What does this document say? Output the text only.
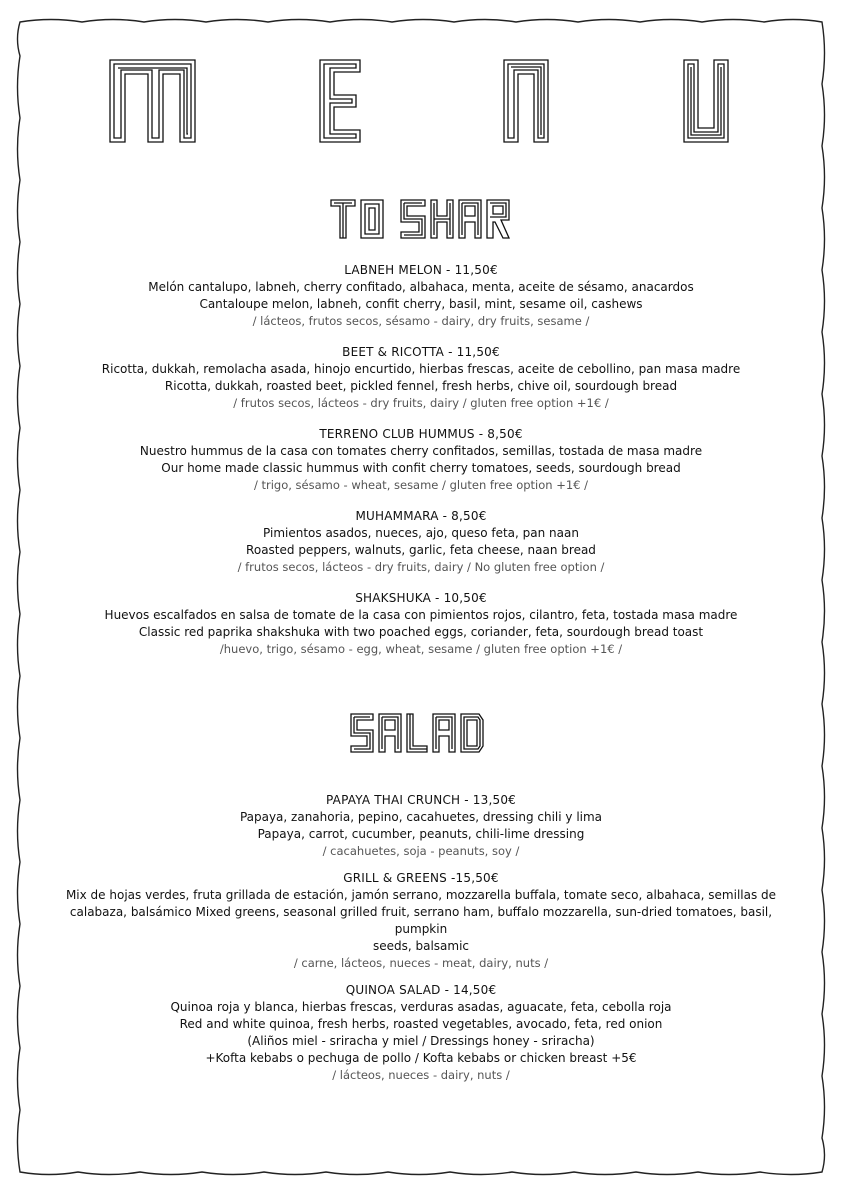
LABNEH MELON - 11,50€
Melón cantalupo, labneh, cherry confitado, albahaca, menta, aceite de sésamo, anacardos
Cantaloupe melon, labneh, confit cherry, basil, mint, sesame oil, cashews
/ lácteos, frutos secos, sésamo - dairy, dry fruits, sesame /
BEET & RICOTTA - 11,50€
Ricotta, dukkah, remolacha asada, hinojo encurtido, hierbas frescas, aceite de cebollino, pan masa madre
Ricotta, dukkah, roasted beet, pickled fennel, fresh herbs, chive oil, sourdough bread
/ frutos secos, lácteos - dry fruits, dairy / gluten free option +1€ /
TERRENO CLUB HUMMUS - 8,50€
Nuestro hummus de la casa con tomates cherry confitados, semillas, tostada de masa madre
Our home made classic hummus with confit cherry tomatoes, seeds, sourdough bread
/ trigo, sésamo - wheat, sesame / gluten free option +1€ /
MUHAMMARA - 8,50€
Pimientos asados, nueces, ajo, queso feta, pan naan
Roasted peppers, walnuts, garlic, feta cheese, naan bread
/ frutos secos, lácteos - dry fruits, dairy / No gluten free option /
SHAKSHUKA - 10,50€
Huevos escalfados en salsa de tomate de la casa con pimientos rojos, cilantro, feta, tostada masa madre
Classic red paprika shakshuka with two poached eggs, coriander, feta, sourdough bread toast
/huevo, trigo, sésamo - egg, wheat, sesame / gluten free option +1€ /
PAPAYA THAI CRUNCH - 13,50€
Papaya, zanahoria, pepino, cacahuetes, dressing chili y lima
Papaya, carrot, cucumber, peanuts, chili-lime dressing
/ cacahuetes, soja - peanuts, soy /
GRILL & GREENS -15,50€
Mix de hojas verdes, fruta grillada de estación, jamón serrano, mozzarella buffala, tomate seco, albahaca, semillas de
calabaza, balsámico Mixed greens, seasonal grilled fruit, serrano ham, buffalo mozzarella, sun-dried tomatoes, basil, pumpkin
seeds, balsamic
/ carne, lácteos, nueces - meat, dairy, nuts /
QUINOA SALAD - 14,50€
Quinoa roja y blanca, hierbas frescas, verduras asadas, aguacate, feta, cebolla roja
Red and white quinoa, fresh herbs, roasted vegetables, avocado, feta, red onion
(Aliños miel - sriracha y miel / Dressings honey - sriracha)
+Kofta kebabs o pechuga de pollo / Kofta kebabs or chicken breast +5€
/ lácteos, nueces - dairy, nuts /
